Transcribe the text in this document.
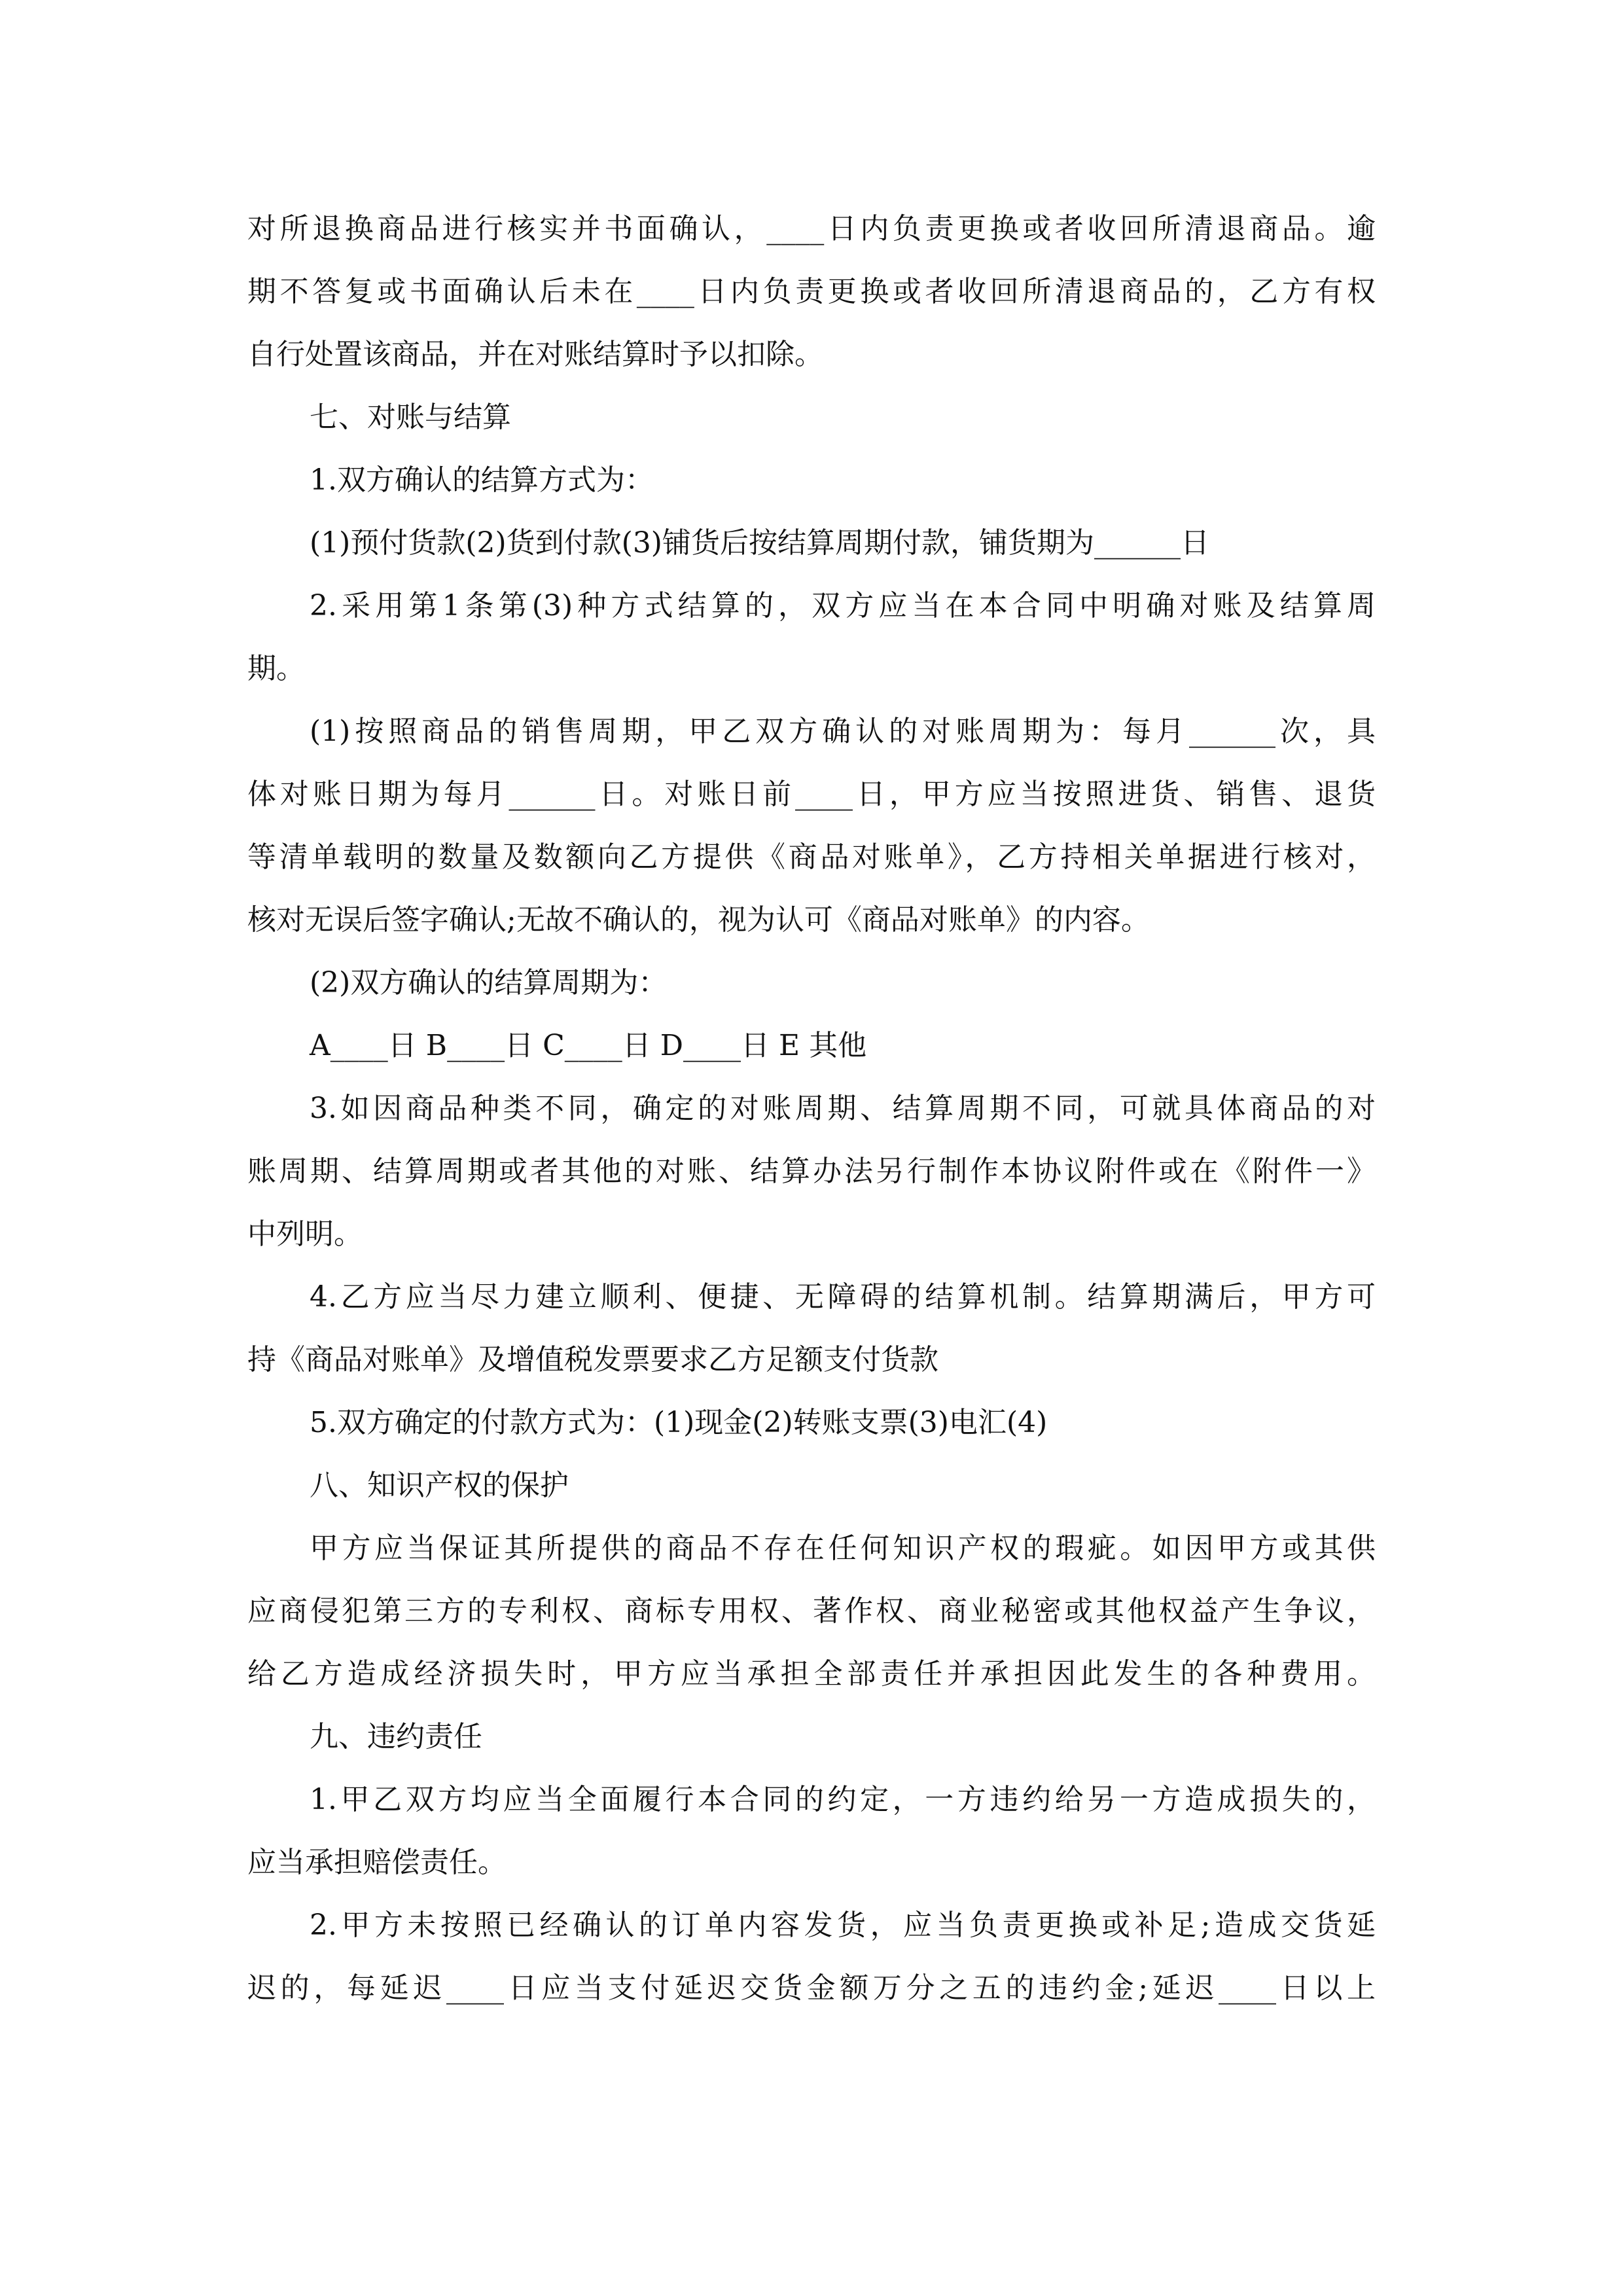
对所退换商品进行核实并书面确认，____日内负责更换或者收回所清退商品。逾
期不答复或书面确认后未在____日内负责更换或者收回所清退商品的，乙方有权
自行处置该商品，并在对账结算时予以扣除。
七、对账与结算
1.双方确认的结算方式为：
(1)预付货款(2)货到付款(3)铺货后按结算周期付款，铺货期为______日
2.采用第1条第(3)种方式结算的，双方应当在本合同中明确对账及结算周
期。
(1)按照商品的销售周期，甲乙双方确认的对账周期为：每月______次，具
体对账日期为每月______日。对账日前____日，甲方应当按照进货、销售、退货
等清单载明的数量及数额向乙方提供《商品对账单》，乙方持相关单据进行核对，
核对无误后签字确认;无故不确认的，视为认可《商品对账单》的内容。
(2)双方确认的结算周期为：
A____日 B____日 C____日 D____日 E 其他
3.如因商品种类不同，确定的对账周期、结算周期不同，可就具体商品的对
账周期、结算周期或者其他的对账、结算办法另行制作本协议附件或在《附件一》
中列明。
4.乙方应当尽力建立顺利、便捷、无障碍的结算机制。结算期满后，甲方可
持《商品对账单》及增值税发票要求乙方足额支付货款
5.双方确定的付款方式为：(1)现金(2)转账支票(3)电汇(4)
八、知识产权的保护
甲方应当保证其所提供的商品不存在任何知识产权的瑕疵。如因甲方或其供
应商侵犯第三方的专利权、商标专用权、著作权、商业秘密或其他权益产生争议，
给乙方造成经济损失时，甲方应当承担全部责任并承担因此发生的各种费用。
九、违约责任
1.甲乙双方均应当全面履行本合同的约定，一方违约给另一方造成损失的，
应当承担赔偿责任。
2.甲方未按照已经确认的订单内容发货，应当负责更换或补足;造成交货延
迟的，每延迟____日应当支付延迟交货金额万分之五的违约金;延迟____日以上
